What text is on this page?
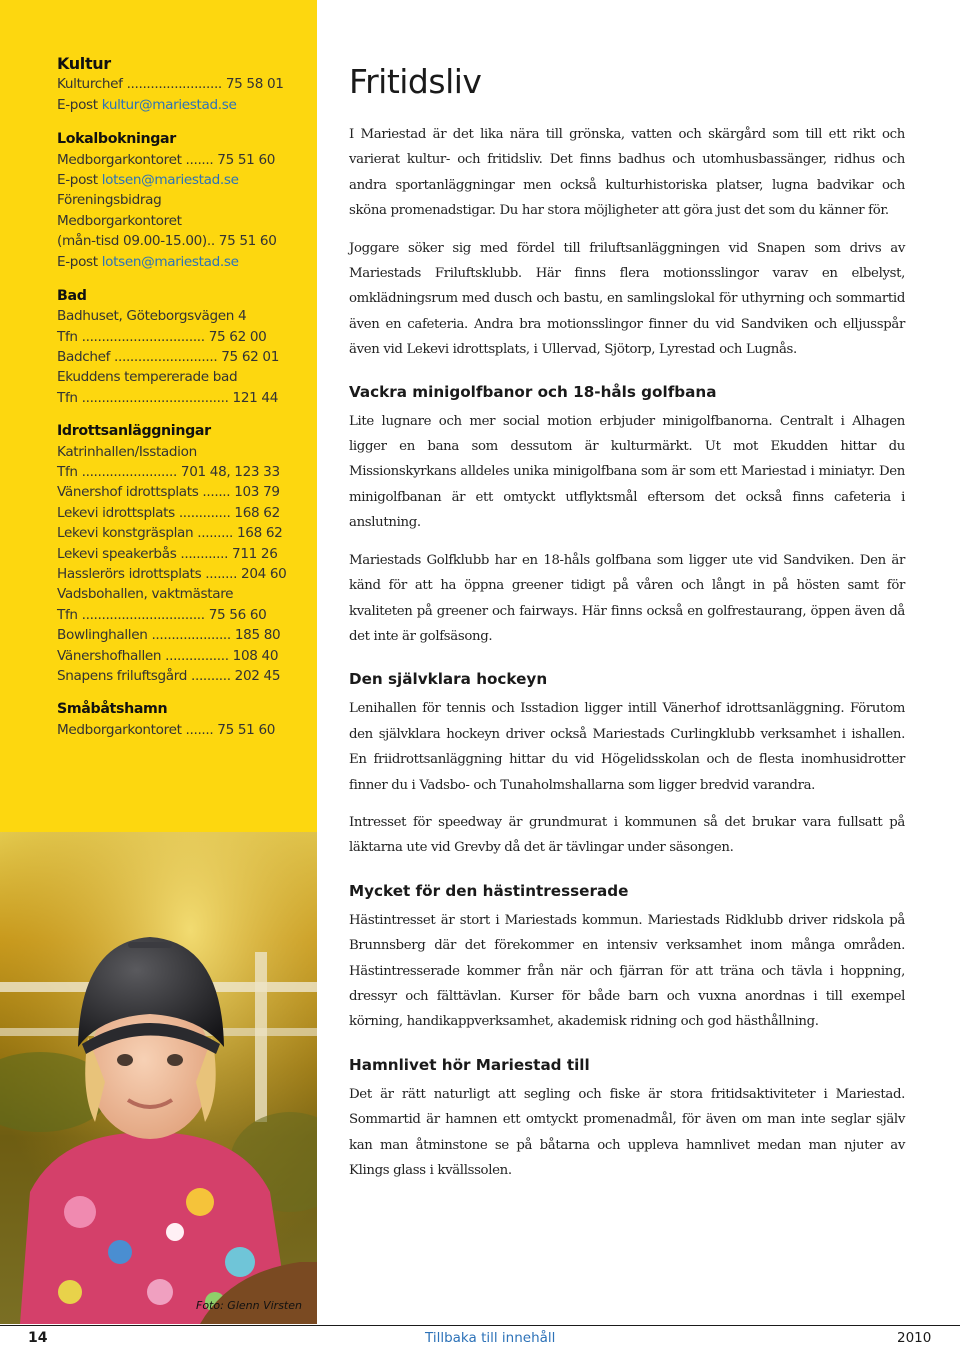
Kultur
Kulturchef ........................ 75 58 01
E-post kultur@mariestad.se
Lokalbokningar
Medborgarkontoret ....... 75 51 60
E-post lotsen@mariestad.se
Föreningsbidrag
Medborgarkontoret
(mån-tisd 09.00-15.00).. 75 51 60
E-post lotsen@mariestad.se
Bad
Badhuset, Göteborgsvägen 4
Tfn ............................... 75 62 00
Badchef .......................... 75 62 01
Ekuddens tempererade bad
Tfn ..................................... 121 44
Idrottsanläggningar
Katrinhallen/Isstadion
Tfn ........................ 701 48, 123 33
Vänershof idrottsplats ....... 103 79
Lekevi idrottsplats ............. 168 62
Lekevi konstgräsplan ......... 168 62
Lekevi speakerbås ............ 711 26
Hasslerörs idrottsplats ........ 204 60
Vadsbohallen, vaktmästare
Tfn ............................... 75 56 60
Bowlinghallen .................... 185 80
Vänershofhallen ................ 108 40
Snapens friluftsgård .......... 202 45
Småbåtshamn
Medborgarkontoret ....... 75 51 60
Foto: Glenn Virsten
Fritidsliv

I Mariestad är det lika nära till grönska, vatten och skärgård som till ett rikt och varierat kultur- och fritidsliv. Det finns badhus och utomhusbassänger, ridhus och andra sportanläggningar men också kulturhistoriska platser, lugna badvikar och sköna promenadstigar. Du har stora möjligheter att göra just det som du känner för.

Joggare söker sig med fördel till friluftsanläggningen vid Snapen som drivs av Mariestads Friluftsklubb. Här finns flera motionsslingor varav en elbelyst, omklädningsrum med dusch och bastu, en samlingslokal för uthyrning och sommartid även en cafeteria. Andra bra motionsslingor finner du vid Sandviken och elljusspår även vid Lekevi idrottsplats, i Ullervad, Sjötorp, Lyrestad och Lugnås.

Vackra minigolfbanor och 18-håls golfbana

Lite lugnare och mer social motion erbjuder minigolfbanorna. Centralt i Alhagen ligger en bana som dessutom är kulturmärkt. Ut mot Ekudden hittar du Missionskyrkans alldeles unika minigolfbana som är som ett Mariestad i miniatyr. Den minigolfbanan är ett omtyckt utflyktsmål eftersom det också finns cafeteria i anslutning.

Mariestads Golfklubb har en 18-håls golfbana som ligger ute vid Sandviken. Den är känd för att ha öppna greener tidigt på våren och långt in på hösten samt för kvaliteten på greener och fairways. Här finns också en golfrestaurang, öppen även då det inte är golfsäsong.

Den självklara hockeyn

Lenihallen för tennis och Isstadion ligger intill Vänerhof idrottsanläggning. Förutom den självklara hockeyn driver också Mariestads Curlingklubb verksamhet i ishallen. En friidrottsanläggning hittar du vid Högelidsskolan och de flesta inomhusidrotter finner du i Vadsbo- och Tunaholmshallarna som ligger bredvid varandra.

Intresset för speedway är grundmurat i kommunen så det brukar vara fullsatt på läktarna ute vid Grevby då det är tävlingar under säsongen.

Mycket för den hästintresserade

Hästintresset är stort i Mariestads kommun. Mariestads Ridklubb driver ridskola på Brunnsberg där det förekommer en intensiv verksamhet inom många områden. Hästintresserade kommer från när och fjärran för att träna och tävla i hoppning, dressyr och fälttävlan. Kurser för både barn och vuxna anordnas i till exempel körning, handikappverksamhet, akademisk ridning och god hästhållning.

Hamnlivet hör Mariestad till

Det är rätt naturligt att segling och fiske är stora fritidsaktiviteter i Mariestad. Sommartid är hamnen ett omtyckt promenadmål, för även om man inte seglar själv kan man åtminstone se på båtarna och uppleva hamnlivet medan man njuter av Klings glass i kvällssolen.

14	Tillbaka till innehåll	2010
